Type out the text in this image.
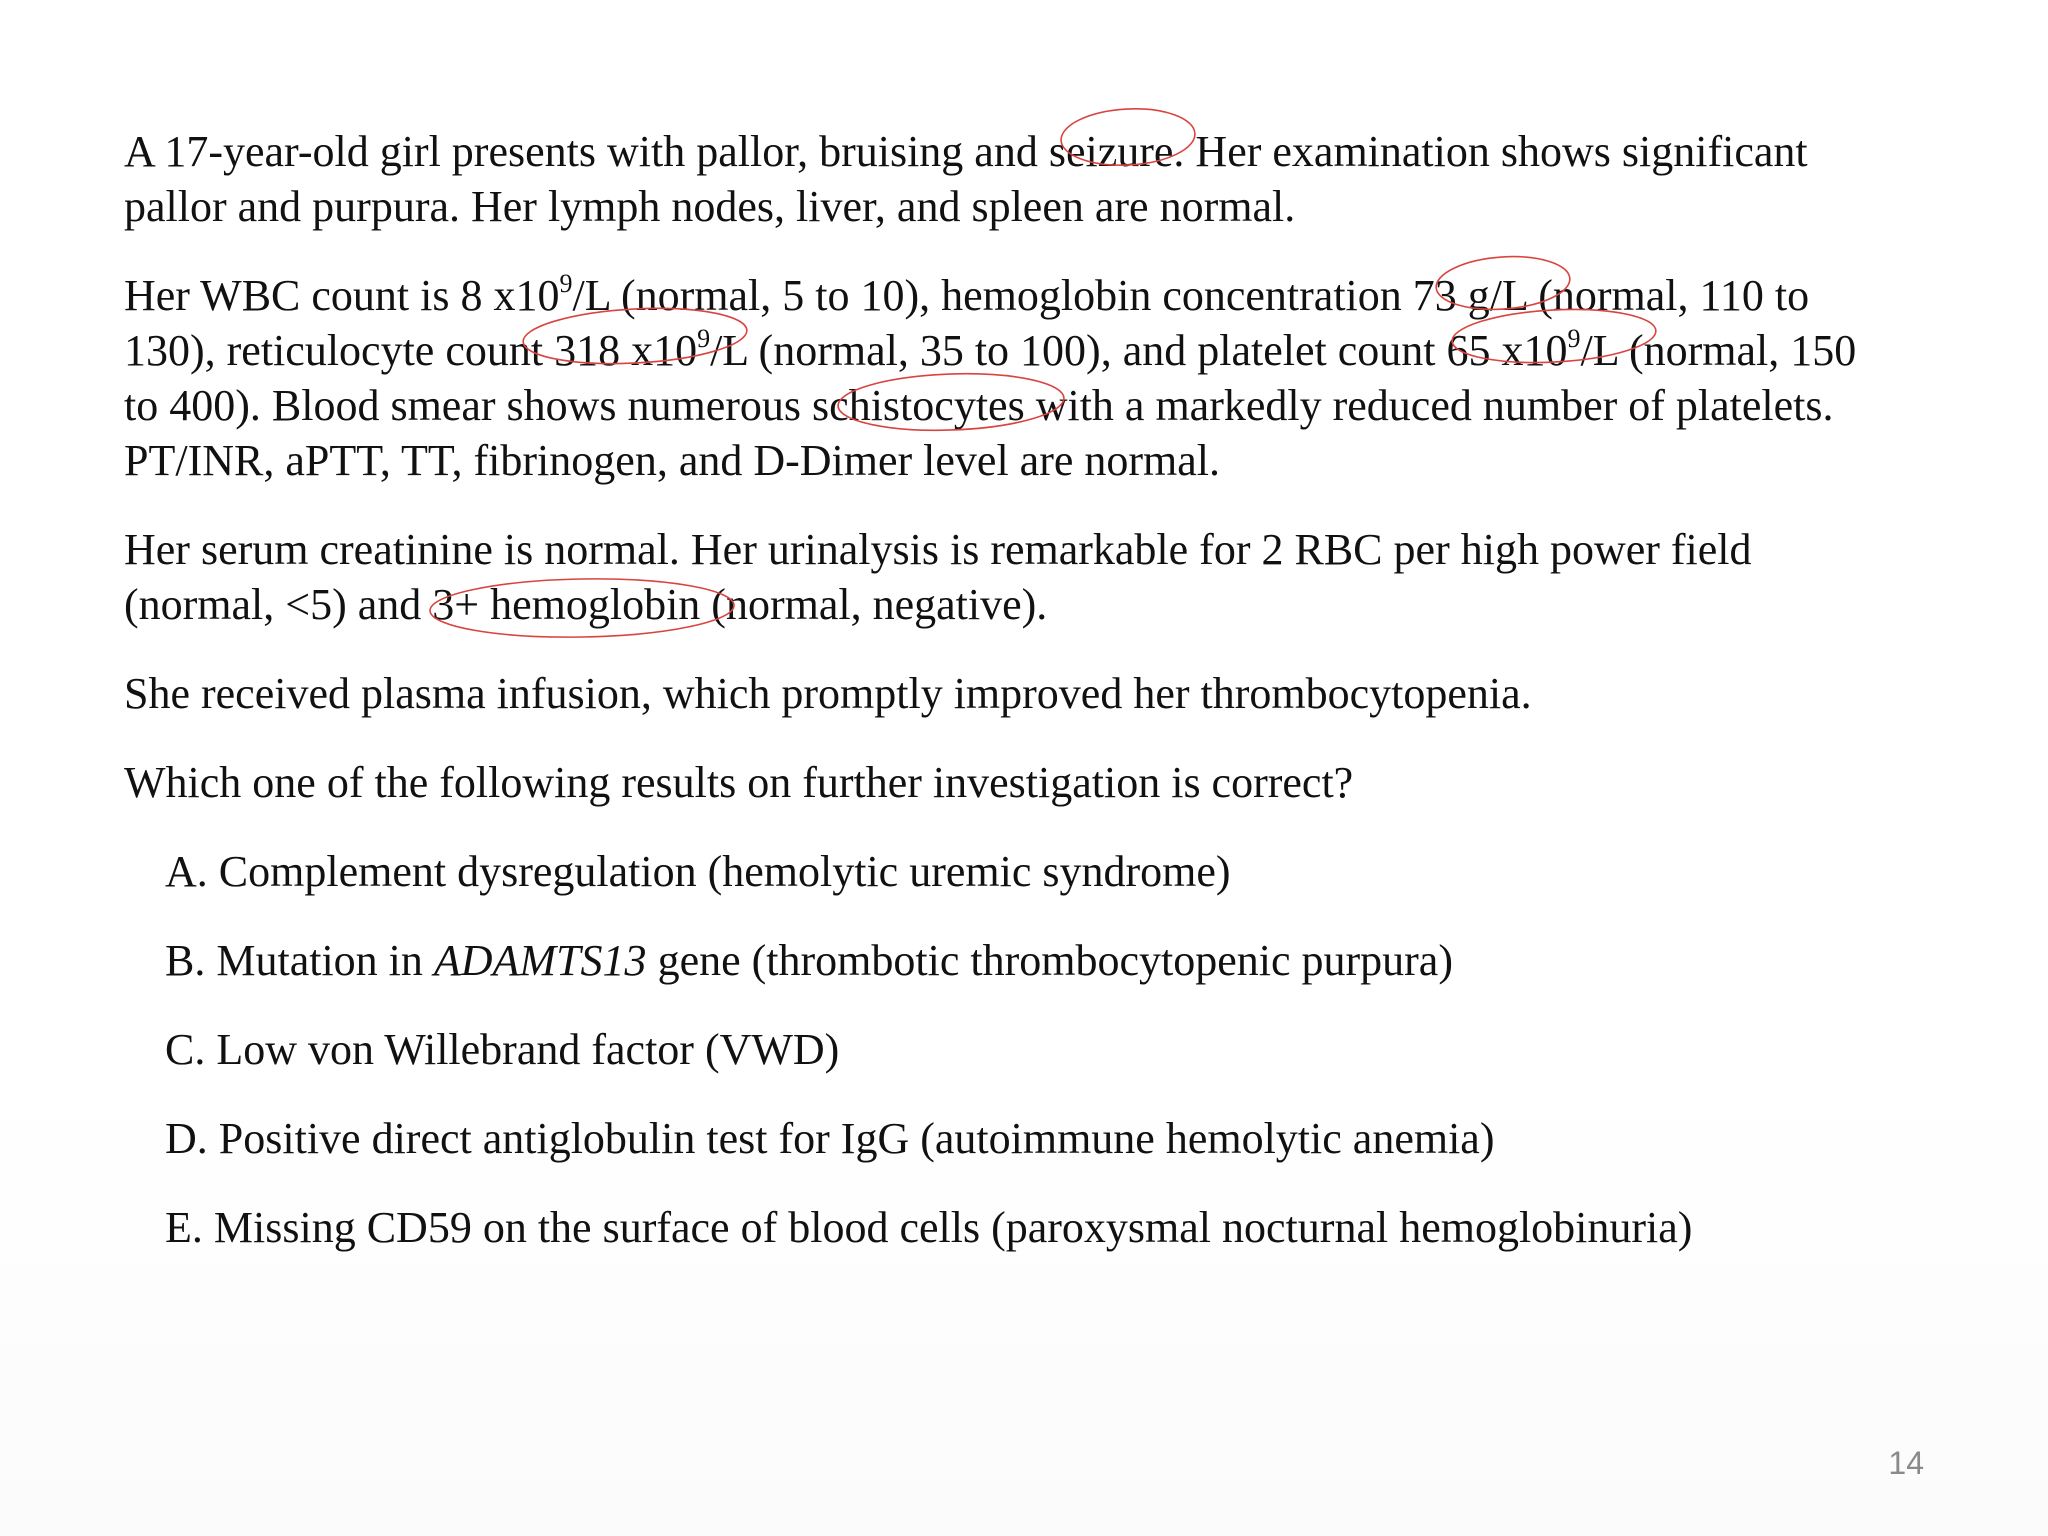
A 17-year-old girl presents with pallor, bruising and seizure. Her examination shows significant
pallor and purpura. Her lymph nodes, liver, and spleen are normal.

Her WBC count is 8 $x10^9/L$ (normal, 5 to 10), hemoglobin concentration 73 g/L (normal, 110 to
130), reticulocyte count 318 $x10^9/L$ (normal, 35 to 100), and platelet count 65 $x10^9/L$ (normal, 150
to 400). Blood smear shows numerous schistocytes with a markedly reduced number of platelets.
PT/INR, aPTT, TT, fibrinogen, and D-Dimer level are normal.

Her serum creatinine is normal. Her urinalysis is remarkable for 2 RBC per high power field
(normal, <5) and 3+ hemoglobin (normal, negative).

She received plasma infusion, which promptly improved her thrombocytopenia.

Which one of the following results on further investigation is correct?

A. Complement dysregulation (hemolytic uremic syndrome)
B. Mutation in ADAMTS13 gene (thrombotic thrombocytopenic purpura)
C. Low von Willebrand factor (VWD)
D. Positive direct antiglobulin test for IgG (autoimmune hemolytic anemia)
E. Missing CD59 on the surface of blood cells (paroxysmal nocturnal hemoglobinuria)
14
